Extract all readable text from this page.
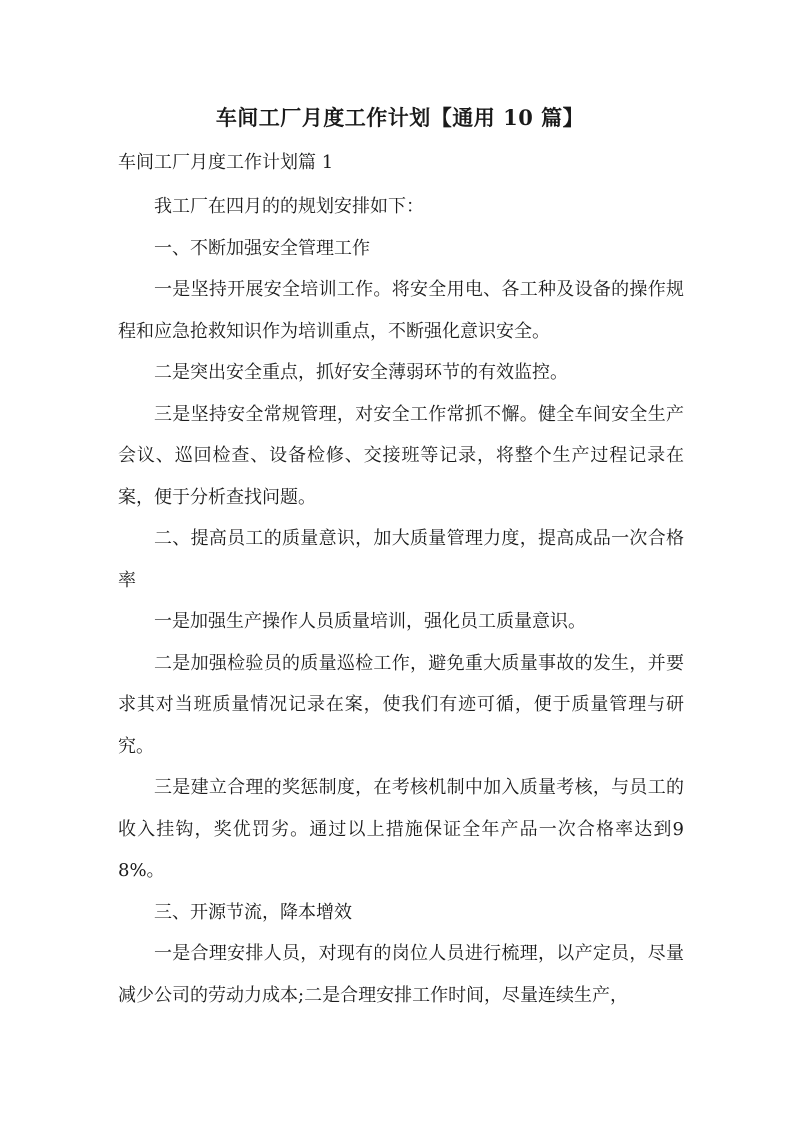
车间工厂月度工作计划【通用 10 篇】
车间工厂月度工作计划篇 1

我工厂在四月的的规划安排如下：

一、不断加强安全管理工作

一是坚持开展安全培训工作。将安全用电、各工种及设备的操作规程和应急抢救知识作为培训重点，不断强化意识安全。

二是突出安全重点，抓好安全薄弱环节的有效监控。

三是坚持安全常规管理，对安全工作常抓不懈。健全车间安全生产会议、巡回检查、设备检修、交接班等记录，将整个生产过程记录在案，便于分析查找问题。

二、提高员工的质量意识，加大质量管理力度，提高成品一次合格率

一是加强生产操作人员质量培训，强化员工质量意识。

二是加强检验员的质量巡检工作，避免重大质量事故的发生，并要求其对当班质量情况记录在案，使我们有迹可循，便于质量管理与研究。

三是建立合理的奖惩制度，在考核机制中加入质量考核，与员工的收入挂钩，奖优罚劣。通过以上措施保证全年产品一次合格率达到98%。

三、开源节流，降本增效

一是合理安排人员，对现有的岗位人员进行梳理，以产定员，尽量减少公司的劳动力成本;二是合理安排工作时间，尽量连续生产，
